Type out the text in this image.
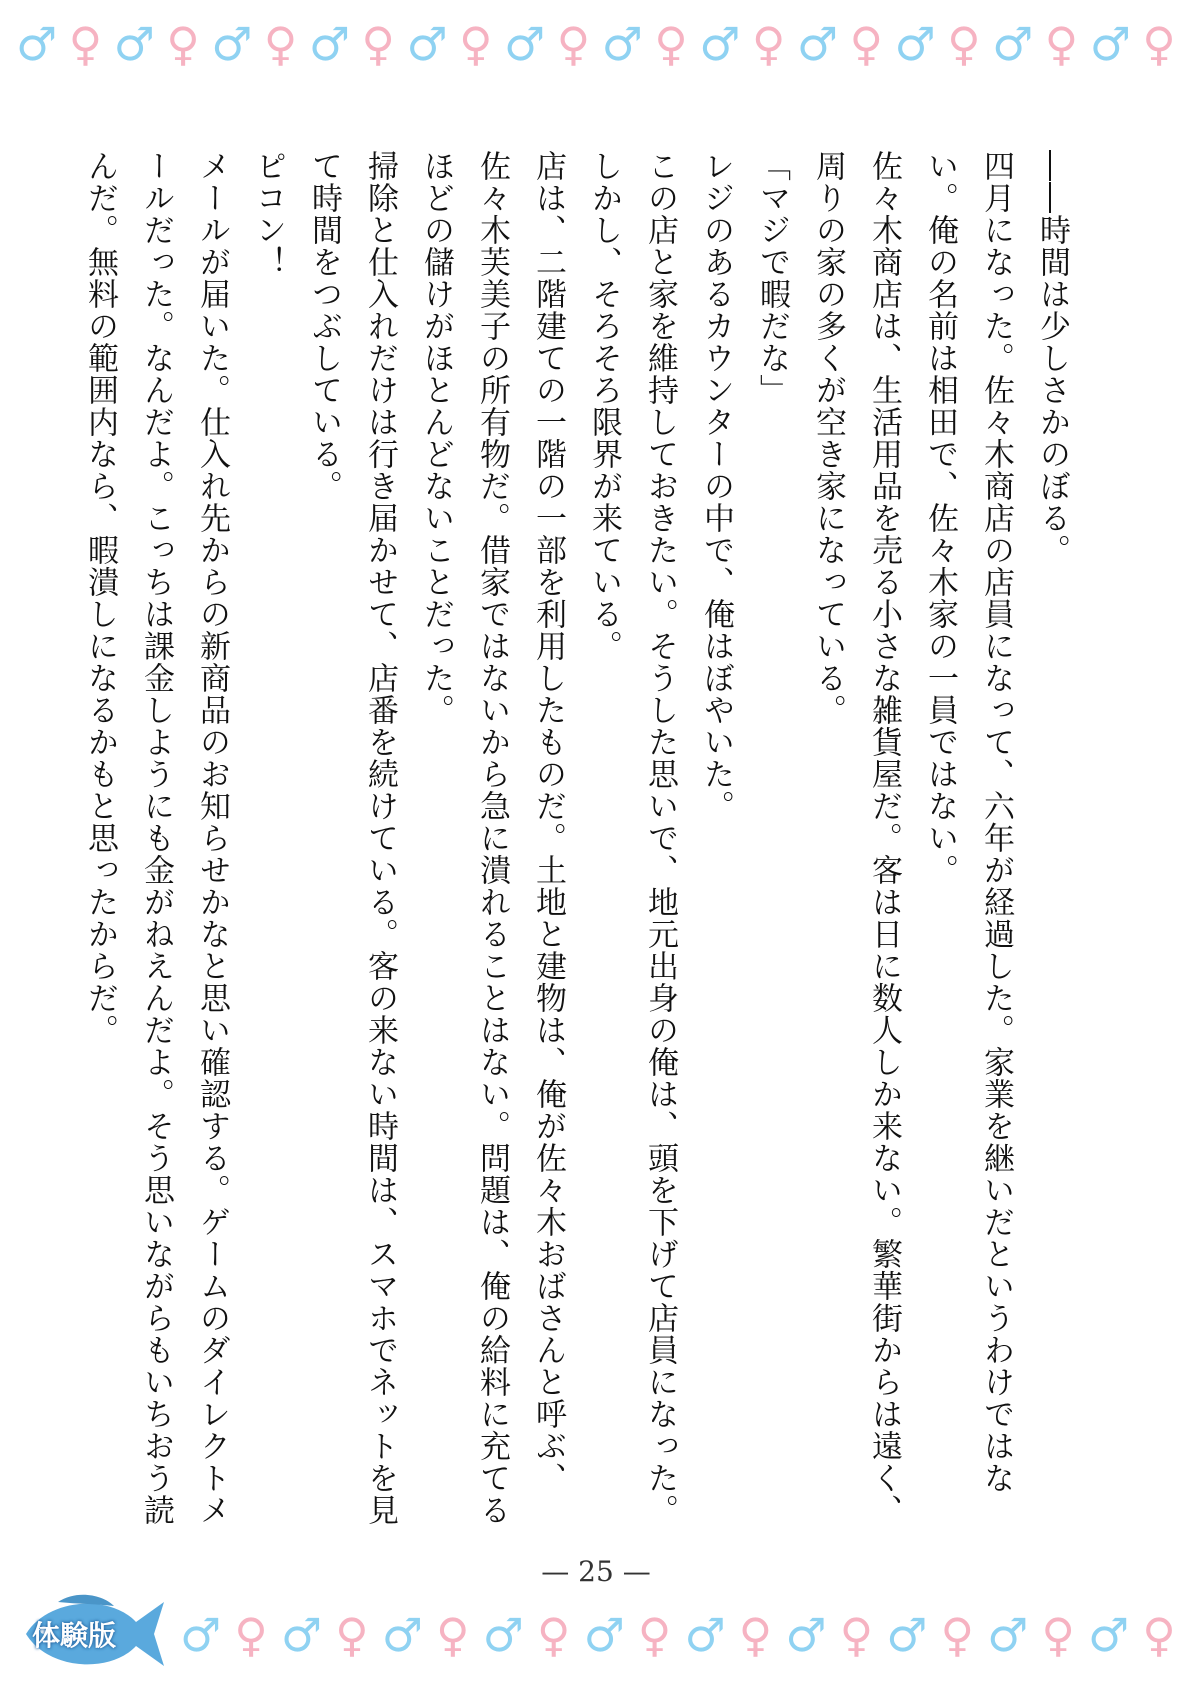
♂ ♀ ♂ ♀ ♂ ♀ ♂ ♀ ♂ ♀ ♂ ♀ ♂ ♀ ♂ ♀ ♂ ♀ ♂ ♀ ♂ ♀ ♂ ♀

――時間は少しさかのぼる。

四月になった。佐々木商店の店員になって、六年が経過した。家業を継いだというわけではない。俺の名前は相田で、佐々木家の一員ではない。

佐々木商店は、生活用品を売る小さな雑貨屋だ。客は日に数人しか来ない。繁華街からは遠く、周りの家の多くが空き家になっている。

「マジで暇だな」

レジのあるカウンターの中で、俺はぼやいた。

この店と家を維持しておきたい。そうした思いで、地元出身の俺は、頭を下げて店員になった。しかし、そろそろ限界が来ている。

店は、二階建ての一階の一部を利用したものだ。土地と建物は、俺が佐々木おばさんと呼ぶ、佐々木芙美子の所有物だ。借家ではないから急に潰れることはない。問題は、俺の給料に充てるほどの儲けがほとんどないことだった。

掃除と仕入れだけは行き届かせて、店番を続けている。客の来ない時間は、スマホでネットを見て時間をつぶしている。

ピコン！

メールが届いた。仕入れ先からの新商品のお知らせかなと思い確認する。ゲームのダイレクトメールだった。なんだよ。こっちは課金しようにも金がねえんだよ。そう思いながらもいちおう読んだ。無料の範囲内なら、暇潰しになるかもと思ったからだ。

— 25 —
♂ ♀ ♂ ♀ ♂ ♀ ♂ ♀ ♂ ♀ ♂ ♀ ♂ ♀ ♂ ♀ ♂ ♀ ♂ ♀
体験版
